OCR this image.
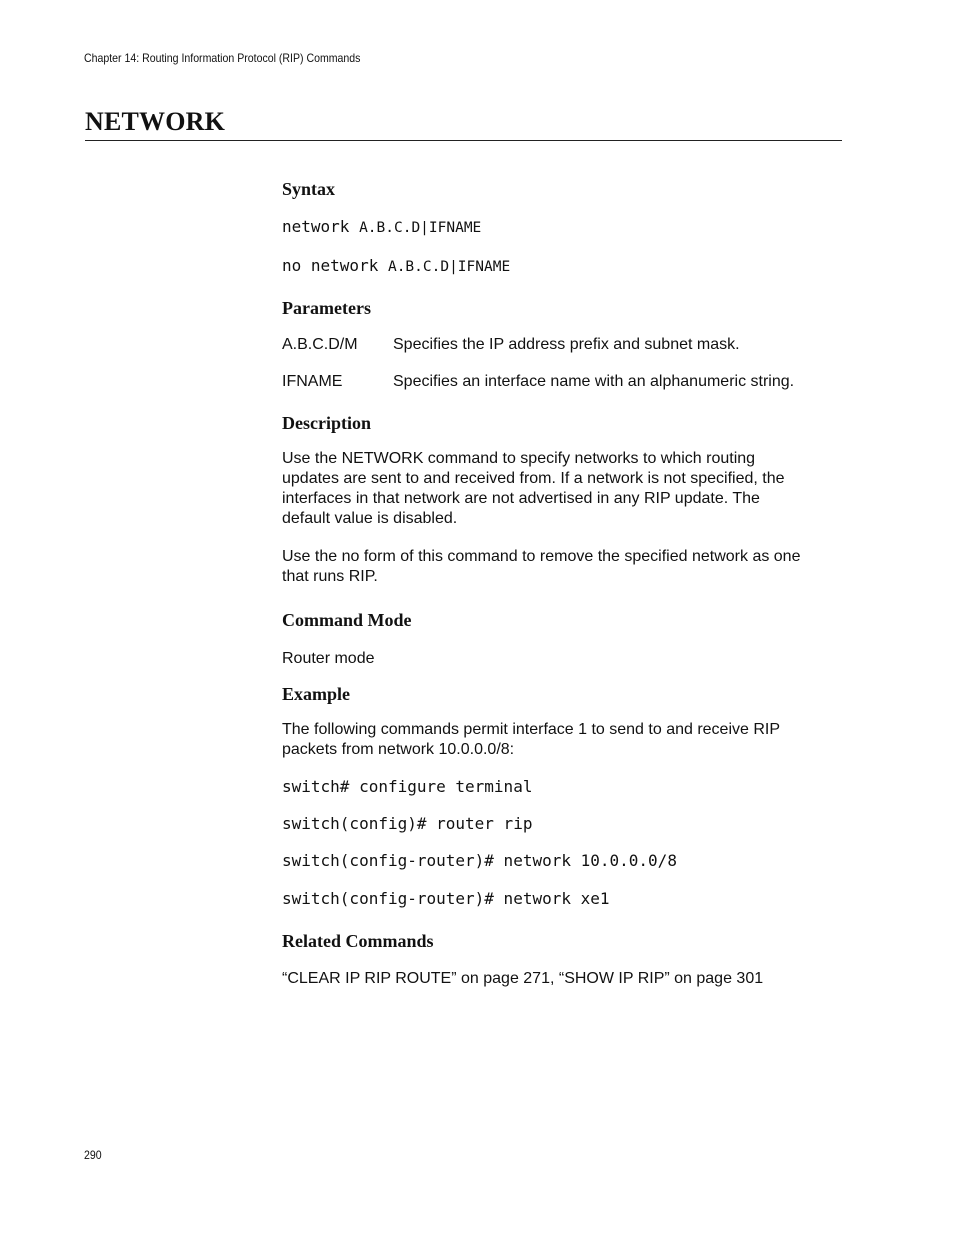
Chapter 14: Routing Information Protocol (RIP) Commands
NETWORK
Syntax
network A.B.C.D|IFNAME
no network A.B.C.D|IFNAME
Parameters
A.B.C.D/M	Specifies the IP address prefix and subnet mask.
IFNAME	Specifies an interface name with an alphanumeric string.
Description
Use the NETWORK command to specify networks to which routing
updates are sent to and received from. If a network is not specified, the
interfaces in that network are not advertised in any RIP update. The
default value is disabled.
Use the no form of this command to remove the specified network as one
that runs RIP.
Command Mode
Router mode
Example
The following commands permit interface 1 to send to and receive RIP
packets from network 10.0.0.0/8:
switch# configure terminal
switch(config)# router rip
switch(config-router)# network 10.0.0.0/8
switch(config-router)# network xe1
Related Commands
“CLEAR IP RIP ROUTE” on page 271, “SHOW IP RIP” on page 301
290
